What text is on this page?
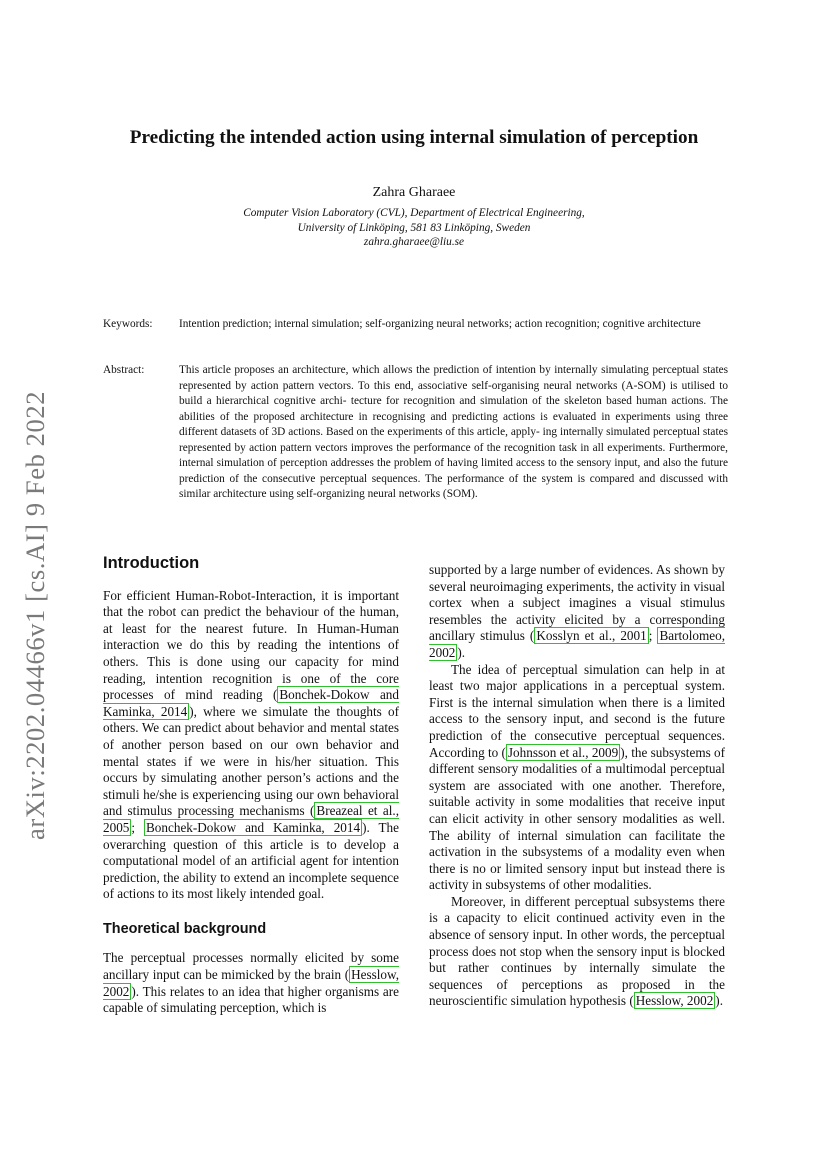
arXiv:2202.04466v1 [cs.AI] 9 Feb 2022
Predicting the intended action using internal simulation of perception
Zahra Gharaee
Computer Vision Laboratory (CVL), Department of Electrical Engineering,
University of Linköping, 581 83 Linköping, Sweden
zahra.gharaee@liu.se
Keywords:	Intention prediction; internal simulation; self-organizing neural networks; action recognition; cognitive architecture
Abstract:	This article proposes an architecture, which allows the prediction of intention by internally simulating perceptual states represented by action pattern vectors. To this end, associative self-organising neural networks (A-SOM) is utilised to build a hierarchical cognitive archi- tecture for recognition and simulation of the skeleton based human actions. The abilities of the proposed architecture in recognising and predicting actions is evaluated in experiments using three different datasets of 3D actions. Based on the experiments of this article, apply- ing internally simulated perceptual states represented by action pattern vectors improves the performance of the recognition task in all experiments. Furthermore, internal simulation of perception addresses the problem of having limited access to the sensory input, and also the future prediction of the consecutive perceptual sequences. The performance of the system is compared and discussed with similar architecture using self-organizing neural networks (SOM).
Introduction

For efficient Human-Robot-Interaction, it is important that the robot can predict the behaviour of the human, at least for the nearest future. In Human-Human interaction we do this by reading the intentions of others. This is done using our capacity for mind reading, intention recognition is one of the core processes of mind reading ( Bonchek-Dokow and Kaminka, 2014 ), where we simulate the thoughts of others. We can predict about behavior and mental states of another person based on our own behavior and mental states if we were in his/her situation. This occurs by simulating another person’s actions and the stimuli he/she is experiencing using our own behavioral and stimulus processing mechanisms ( Breazeal et al., 2005 ; Bonchek-Dokow and Kaminka, 2014 ). The overarching question of this article is to develop a computational model of an artificial agent for intention prediction, the ability to extend an incomplete sequence of actions to its most likely intended goal.

Theoretical background

The perceptual processes normally elicited by some ancillary input can be mimicked by the brain ( Hesslow, 2002 ). This relates to an idea that higher organisms are capable of simulating perception, which is

supported by a large number of evidences. As shown by several neuroimaging experiments, the activity in visual cortex when a subject imagines a visual stimulus resembles the activity elicited by a corresponding ancillary stimulus ( Kosslyn et al., 2001 ; Bartolomeo, 2002 ).

The idea of perceptual simulation can help in at least two major applications in a perceptual system. First is the internal simulation when there is a limited access to the sensory input, and second is the future prediction of the consecutive perceptual sequences. According to ( Johnsson et al., 2009 ), the subsystems of different sensory modalities of a multimodal perceptual system are associated with one another. Therefore, suitable activity in some modalities that receive input can elicit activity in other sensory modalities as well. The ability of internal simulation can facilitate the activation in the subsystems of a modality even when there is no or limited sensory input but instead there is activity in subsystems of other modalities.

Moreover, in different perceptual subsystems there is a capacity to elicit continued activity even in the absence of sensory input. In other words, the perceptual process does not stop when the sensory input is blocked but rather continues by internally simulate the sequences of perceptions as proposed in the neuroscientific simulation hypothesis ( Hesslow, 2002 ).
